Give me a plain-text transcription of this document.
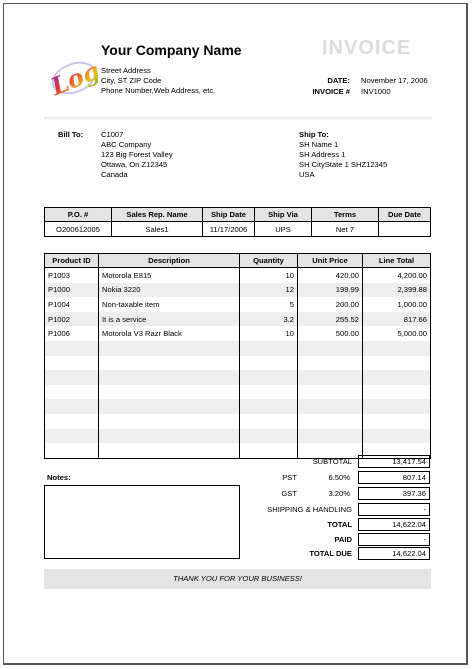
Logo
Your Company Name
Street Address
City, ST ZIP Code
Phone Number,Web Address, etc.
INVOICE
DATE: November 17, 2006
INVOICE # INV1000
Bill To: C1007
ABC Company
123 Big Forest Valley
Ottawa, On Z12345
Canada
Ship To:
SH Name 1
SH Address 1
SH CityState 1 SHZ12345
USA
P.O. #	Sales Rep. Name	Ship Date	Ship Via	Terms	Due Date
O200612005	Sales1	11/17/2006	UPS	Net 7	
Product ID	Description	Quantity	Unit Price	Line Total
P1003	Motorola E815	10	420.00	4,200.00
P1000	Nokia 3220	12	199.99	2,399.88
P1004	Non-taxable item	5	200.00	1,000.00
P1002	It is a service	3.2	255.52	817.66
P1006	Motorola V3 Razr Black	10	500.00	5,000.00

SUBTOTAL	13,417.54
PST	6.50%	807.14
GST	3.20%	397.36
SHIPPING & HANDLING	-
TOTAL	14,622.04
PAID	-
TOTAL DUE	14,622.04
Notes:
THANK YOU FOR YOUR BUSINESS!
